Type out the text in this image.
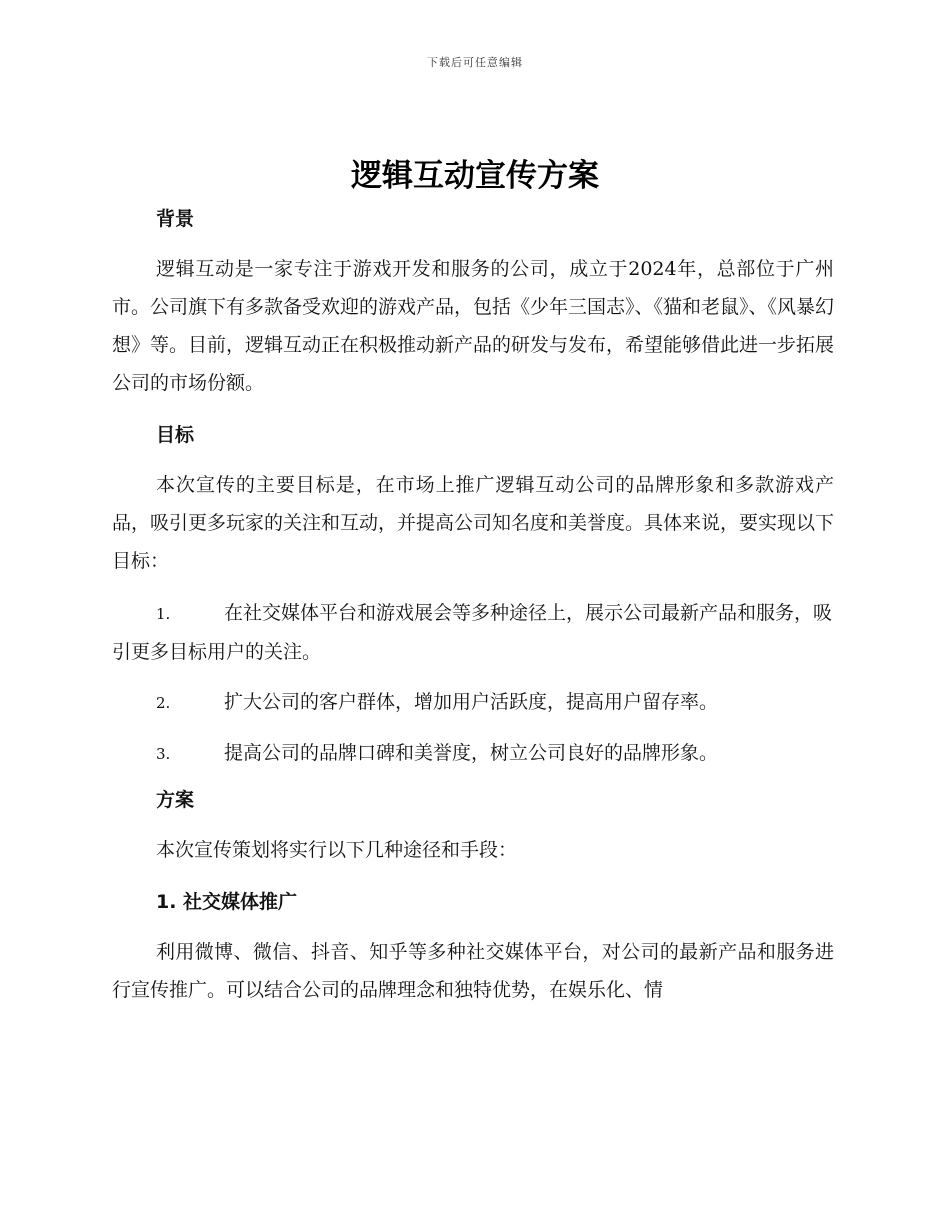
下载后可任意编辑
逻辑互动宣传方案
背景

逻辑互动是一家专注于游戏开发和服务的公司，成立于2024年，总部位于广州市。公司旗下有多款备受欢迎的游戏产品，包括《少年三国志》、《猫和老鼠》、《风暴幻想》等。目前，逻辑互动正在积极推动新产品的研发与发布，希望能够借此进一步拓展公司的市场份额。

目标

本次宣传的主要目标是，在市场上推广逻辑互动公司的品牌形象和多款游戏产品，吸引更多玩家的关注和互动，并提高公司知名度和美誉度。具体来说，要实现以下目标：

1.	在社交媒体平台和游戏展会等多种途径上，展示公司最新产品和服务，吸引更多目标用户的关注。
2.	扩大公司的客户群体，增加用户活跃度，提高用户留存率。
3.	提高公司的品牌口碑和美誉度，树立公司良好的品牌形象。
方案

本次宣传策划将实行以下几种途径和手段：

1. 社交媒体推广

利用微博、微信、抖音、知乎等多种社交媒体平台，对公司的最新产品和服务进行宣传推广。可以结合公司的品牌理念和独特优势，在娱乐化、情
